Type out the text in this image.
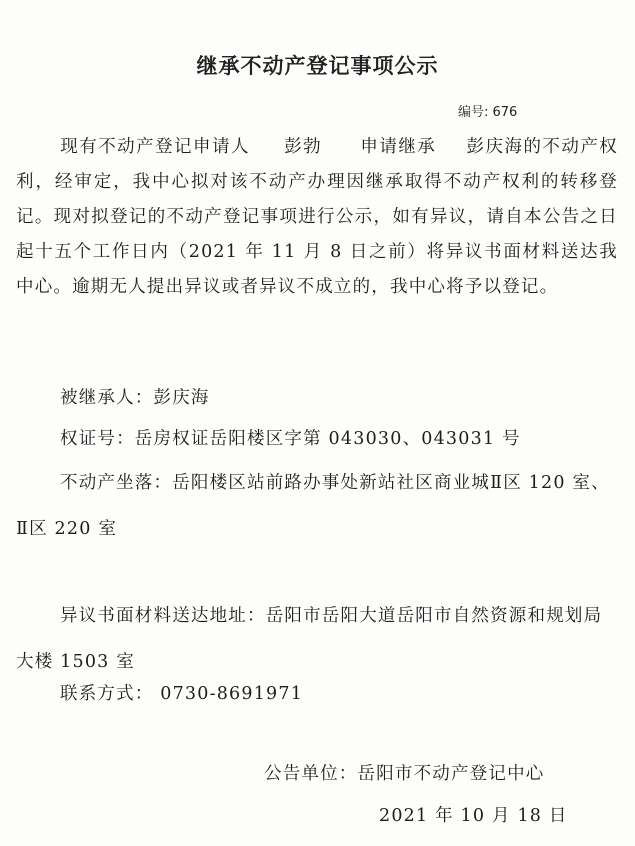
继承不动产登记事项公示
编号: 676
现有不动产登记申请人 彭勃 申请继承 彭庆海的不动产权利，经审定，我中心拟对该不动产办理因继承取得不动产权利的转移登记。现对拟登记的不动产登记事项进行公示，如有异议，请自本公告之日起十五个工作日内（2021 年 11 月 8 日之前）将异议书面材料送达我中心。逾期无人提出异议或者异议不成立的，我中心将予以登记。
被继承人：彭庆海
权证号：岳房权证岳阳楼区字第 043030、043031 号
不动产坐落：岳阳楼区站前路办事处新站社区商业城Ⅱ区 120 室、Ⅱ区 220 室
异议书面材料送达地址：岳阳市岳阳大道岳阳市自然资源和规划局大楼 1503 室
联系方式： 0730-8691971
公告单位：岳阳市不动产登记中心
2021 年 10 月 18 日
